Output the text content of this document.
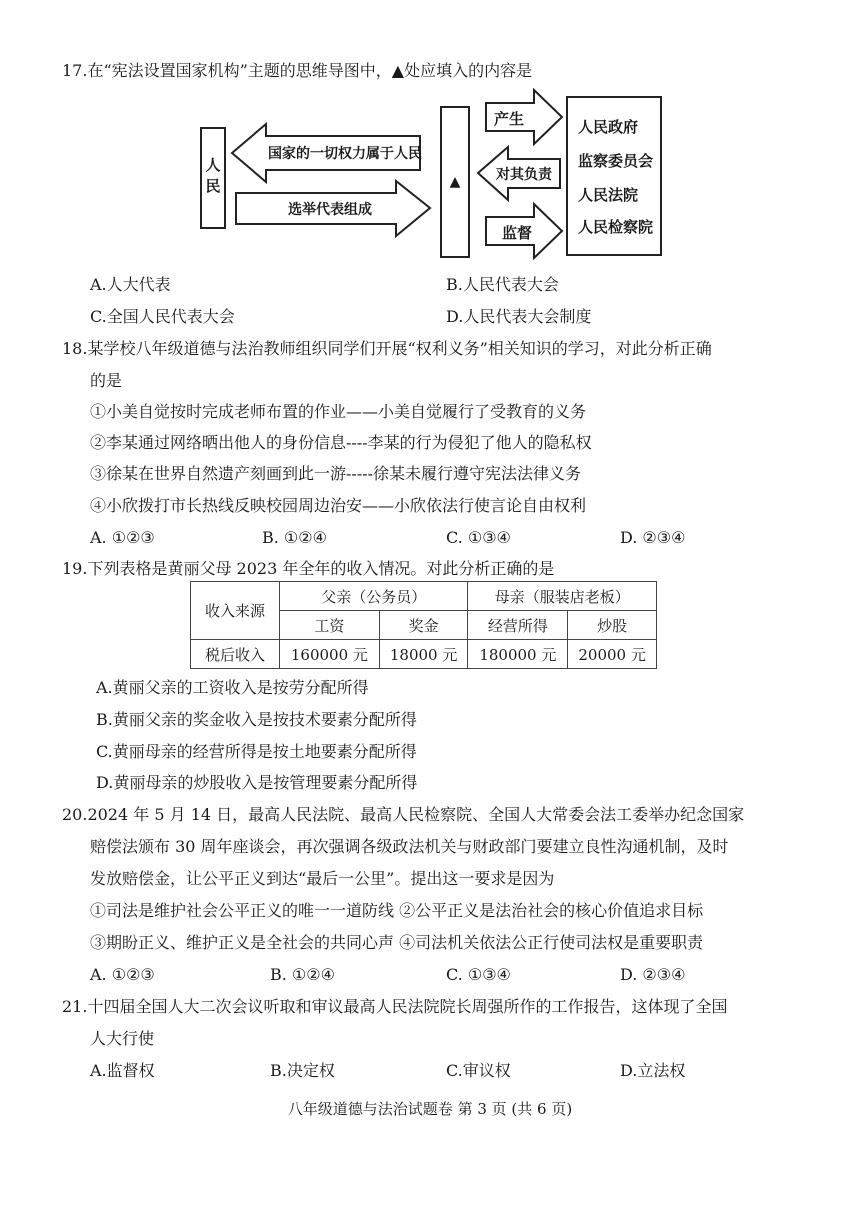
17.在“宪法设置国家机构”主题的思维导图中，▲处应填入的内容是
人民
国家的一切权力属于人民
选举代表组成
▲
产生
对其负责
监督
人民政府
监察委员会
人民法院
人民检察院
A.人大代表	B.人民代表大会
C.全国人民代表大会	D.人民代表大会制度
18.某学校八年级道德与法治教师组织同学们开展“权利义务”相关知识的学习，对此分析正确
的是
①小美自觉按时完成老师布置的作业——小美自觉履行了受教育的义务
②李某通过网络晒出他人的身份信息----李某的行为侵犯了他人的隐私权
③徐某在世界自然遗产刻画到此一游-----徐某未履行遵守宪法法律义务
④小欣拨打市长热线反映校园周边治安——小欣依法行使言论自由权利
A. ①②③	B. ①②④	C. ①③④	D. ②③④
19.下列表格是黄丽父母 2023 年全年的收入情况。对此分析正确的是
收入来源	父亲（公务员）		母亲（服装店老板）	
	工资	奖金	经营所得	炒股
税后收入	160000 元	18000 元	180000 元	20000 元
A.黄丽父亲的工资收入是按劳分配所得
B.黄丽父亲的奖金收入是按技术要素分配所得
C.黄丽母亲的经营所得是按土地要素分配所得
D.黄丽母亲的炒股收入是按管理要素分配所得
20.2024 年 5 月 14 日，最高人民法院、最高人民检察院、全国人大常委会法工委举办纪念国家
赔偿法颁布 30 周年座谈会，再次强调各级政法机关与财政部门要建立良性沟通机制，及时
发放赔偿金，让公平正义到达“最后一公里”。提出这一要求是因为
①司法是维护社会公平正义的唯一一道防线 ②公平正义是法治社会的核心价值追求目标
③期盼正义、维护正义是全社会的共同心声 ④司法机关依法公正行使司法权是重要职责
A. ①②③	B. ①②④	C. ①③④	D. ②③④
21.十四届全国人大二次会议听取和审议最高人民法院院长周强所作的工作报告，这体现了全国
人大行使
A.监督权	B.决定权	C.审议权	D.立法权
八年级道德与法治试题卷 第 3 页 (共 6 页)
